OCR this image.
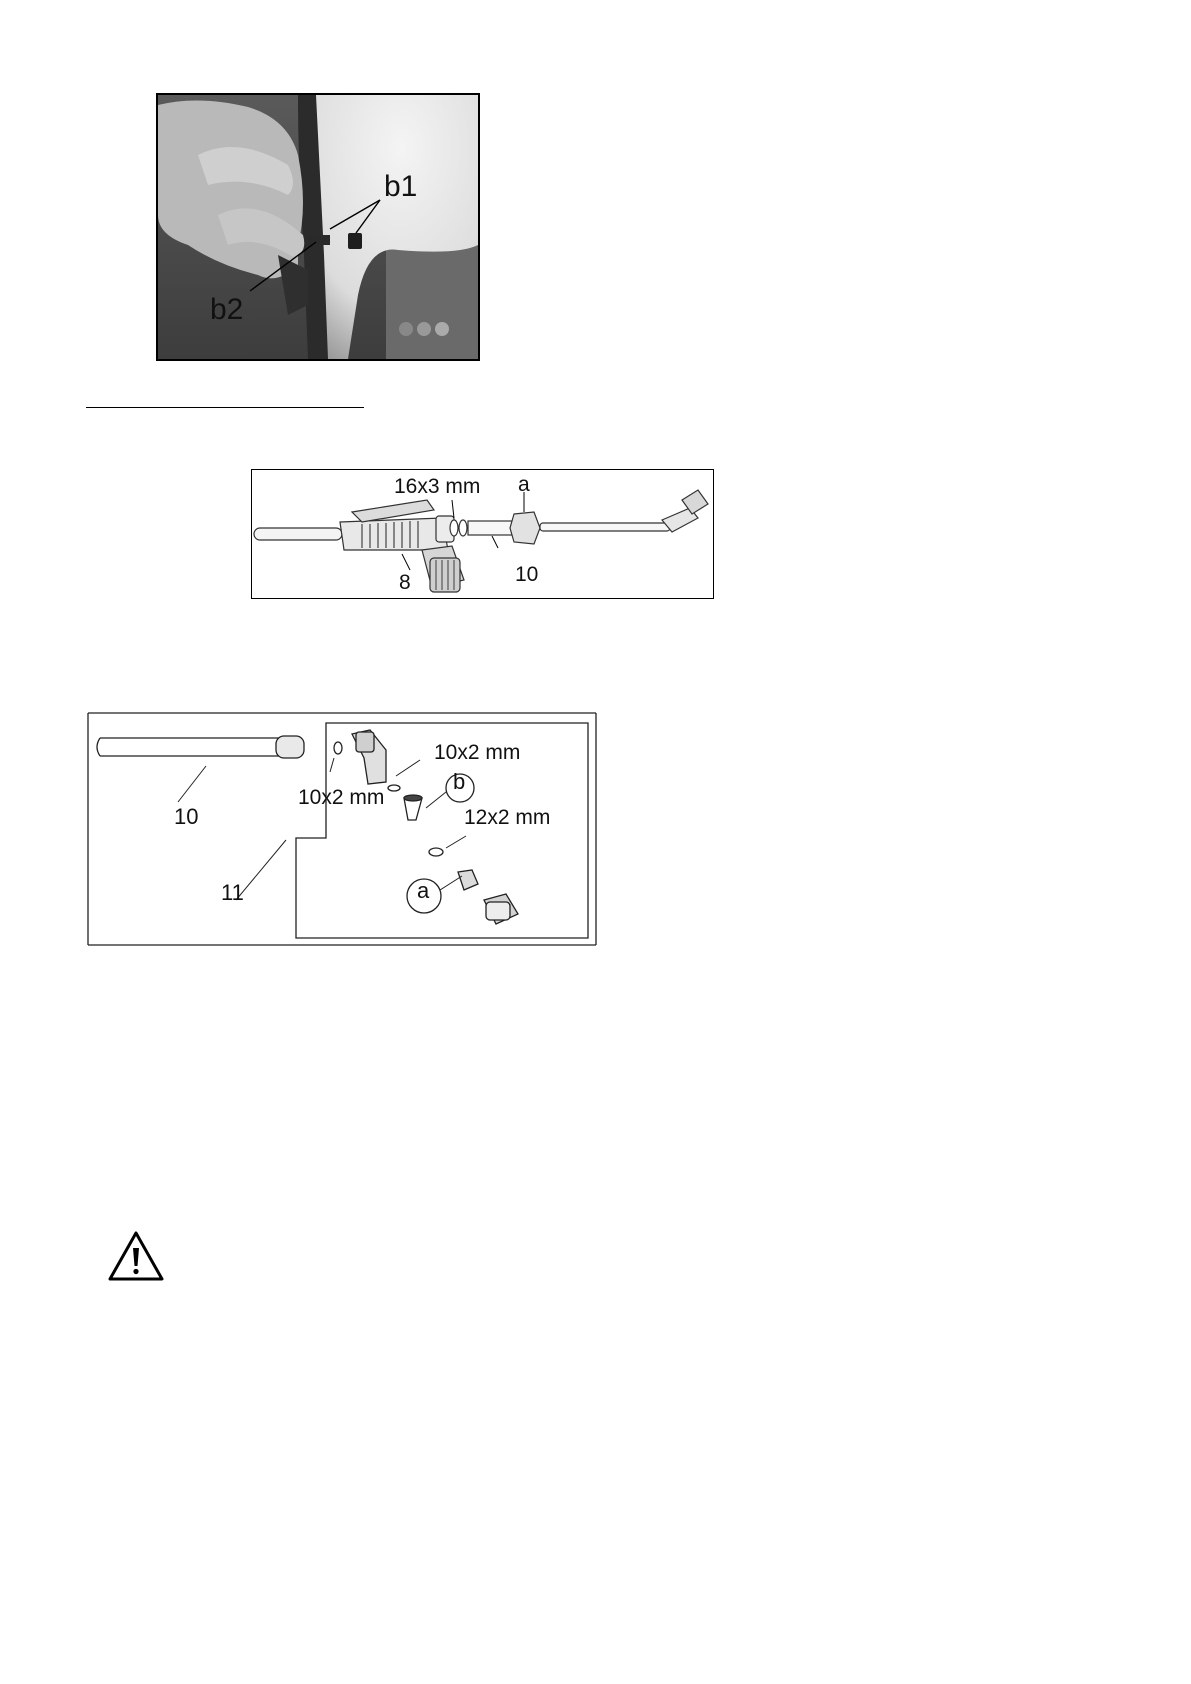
b1
b2
16x3 mm a
8	10
10x2 mm
10x2 mm
12x2 mm
b
a
10
11
